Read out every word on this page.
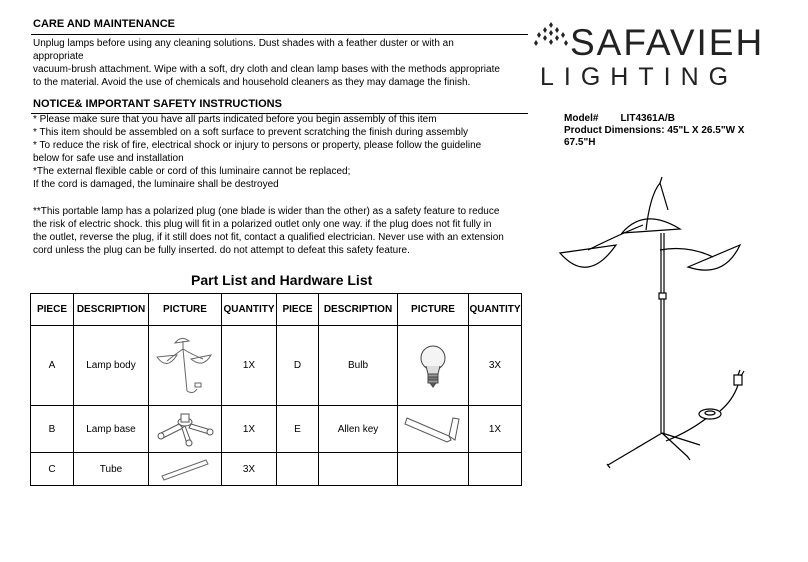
CARE AND MAINTENANCE
Unplug lamps before using any cleaning solutions. Dust shades with a feather duster or with an
appropriate
vacuum-brush attachment. Wipe with a soft, dry cloth and clean lamp bases with the methods appropriate
to the material. Avoid the use of chemicals and household cleaners as they may damage the finish.
NOTICE& IMPORTANT SAFETY INSTRUCTIONS
* Please make sure that you have all parts indicated before you begin assembly of this item
* This item should be assembled on a soft surface to prevent scratching the finish during assembly
* To reduce the risk of fire, electrical shock or injury to persons or property, please follow the guideline
below for safe use and installation
*The external flexible cable or cord of this luminaire cannot be replaced;
If the cord is damaged, the luminaire shall be destroyed
**This portable lamp has a polarized plug (one blade is wider than the other) as a safety feature to reduce
the risk of electric shock. this plug will fit in a polarized outlet only one way. if the plug does not fit fully in
the outlet, reverse the plug, if it still does not fit, contact a qualified electrician. Never use with an extension
cord unless the plug can be fully inserted. do not attempt to defeat this safety feature.
SAFAVIEH
LIGHTING
Model# LIT4361A/B
Product Dimensions: 45"L X 26.5"W X
67.5"H
Part List and Hardware List
PIECE	DESCRIPTION	PICTURE	QUANTITY	PIECE	DESCRIPTION	PICTURE	QUANTITY
A	Lamp body		1X	D	Bulb		3X
B	Lamp base		1X	E	Allen key		1X
C	Tube		3X				
